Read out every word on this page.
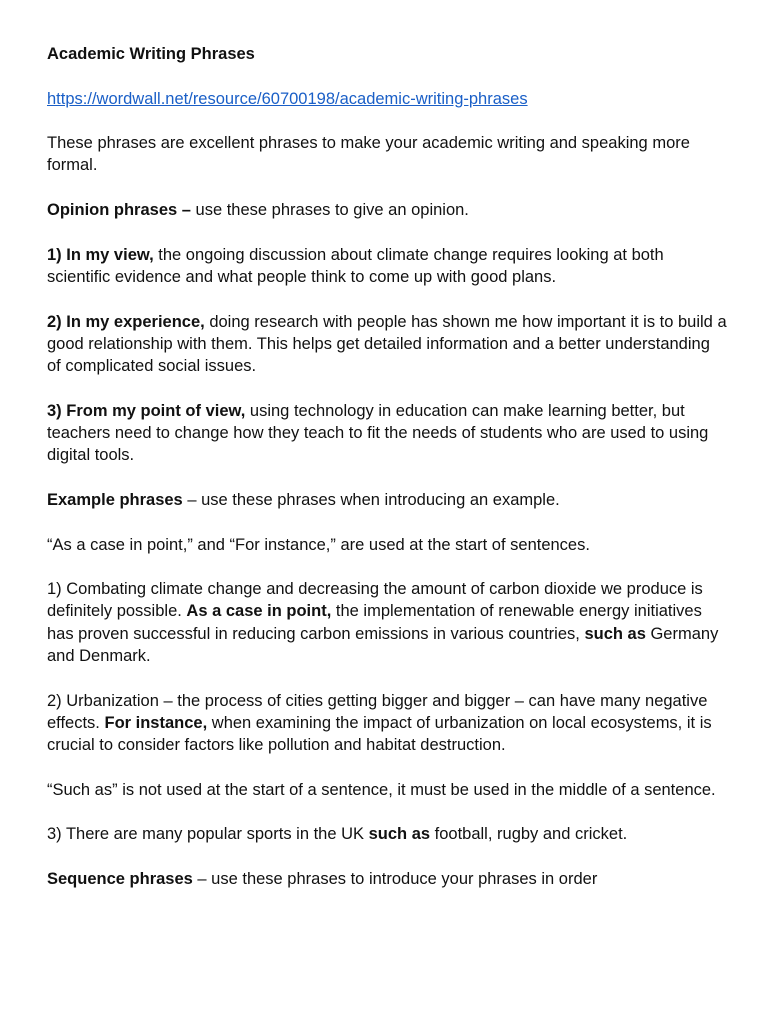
Academic Writing Phrases

https://wordwall.net/resource/60700198/academic-writing-phrases

These phrases are excellent phrases to make your academic writing and speaking more formal.

Opinion phrases – use these phrases to give an opinion.

1) In my view, the ongoing discussion about climate change requires looking at both scientific evidence and what people think to come up with good plans.

2) In my experience, doing research with people has shown me how important it is to build a good relationship with them. This helps get detailed information and a better understanding of complicated social issues.

3) From my point of view, using technology in education can make learning better, but teachers need to change how they teach to fit the needs of students who are used to using digital tools.

Example phrases – use these phrases when introducing an example.

“As a case in point,” and “For instance,” are used at the start of sentences.

1) Combating climate change and decreasing the amount of carbon dioxide we produce is definitely possible. As a case in point, the implementation of renewable energy initiatives has proven successful in reducing carbon emissions in various countries, such as Germany and Denmark.

2) Urbanization – the process of cities getting bigger and bigger – can have many negative effects. For instance, when examining the impact of urbanization on local ecosystems, it is crucial to consider factors like pollution and habitat destruction.

“Such as” is not used at the start of a sentence, it must be used in the middle of a sentence.

3) There are many popular sports in the UK such as football, rugby and cricket.

Sequence phrases – use these phrases to introduce your phrases in order
